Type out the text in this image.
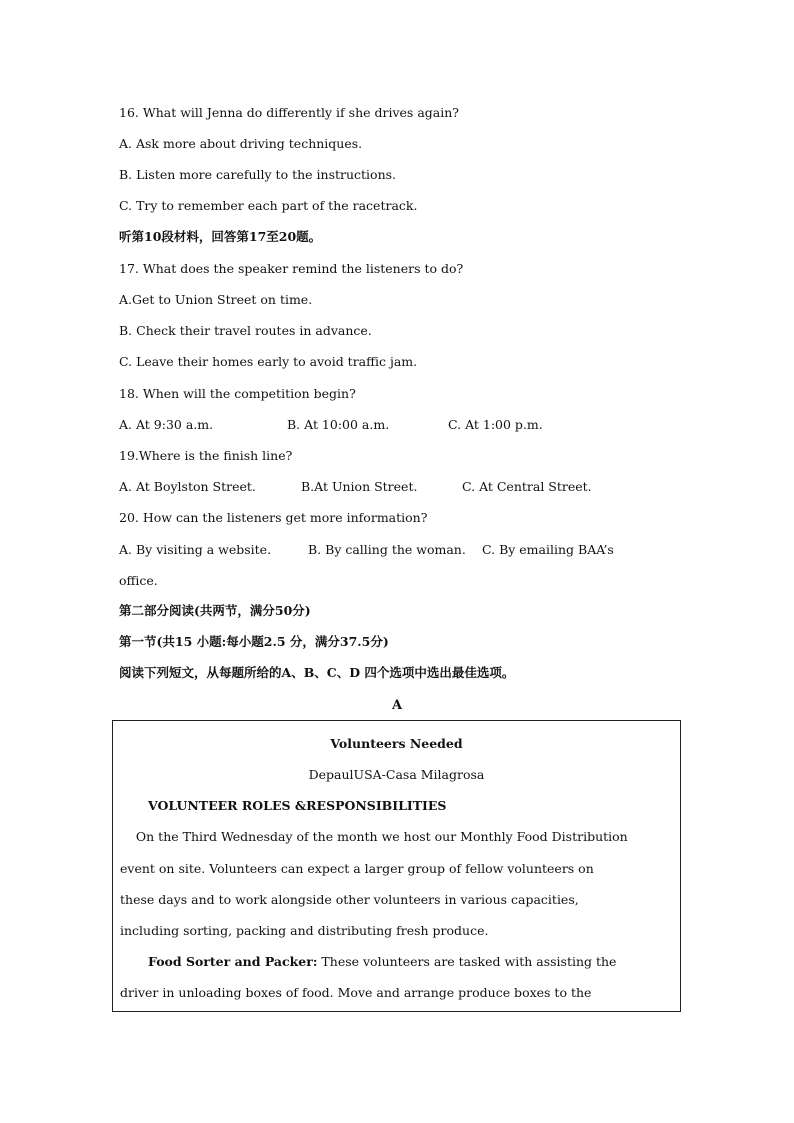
16. What will Jenna do differently if she drives again?
A. Ask more about driving techniques.
B. Listen more carefully to the instructions.
C. Try to remember each part of the racetrack.
听第10段材料，回答第17至20题。
17. What does the speaker remind the listeners to do?
A.Get to Union Street on time.
B. Check their travel routes in advance.
C. Leave their homes early to avoid traffic jam.
18. When will the competition begin?
A. At 9:30 a.m.	B. At 10:00 a.m.	C. At 1:00 p.m.
19.Where is the finish line?
A. At Boylston Street.	B.At Union Street.	C. At Central Street.
20. How can the listeners get more information?
A. By visiting a website.	B. By calling the woman. C. By emailing BAA’s
office.
第二部分阅读(共两节，满分50分)
第一节(共15 小题:每小题2.5 分，满分37.5分)
阅读下列短文，从每题所给的A、B、C、D 四个选项中选出最佳选项。
A
Volunteers Needed
DepaulUSA-Casa Milagrosa
VOLUNTEER ROLES &RESPONSIBILITIES
On the Third Wednesday of the month we host our Monthly Food Distribution
event on site. Volunteers can expect a larger group of fellow volunteers on
these days and to work alongside other volunteers in various capacities,
including sorting, packing and distributing fresh produce.
Food Sorter and Packer: These volunteers are tasked with assisting the
driver in unloading boxes of food. Move and arrange produce boxes to the
